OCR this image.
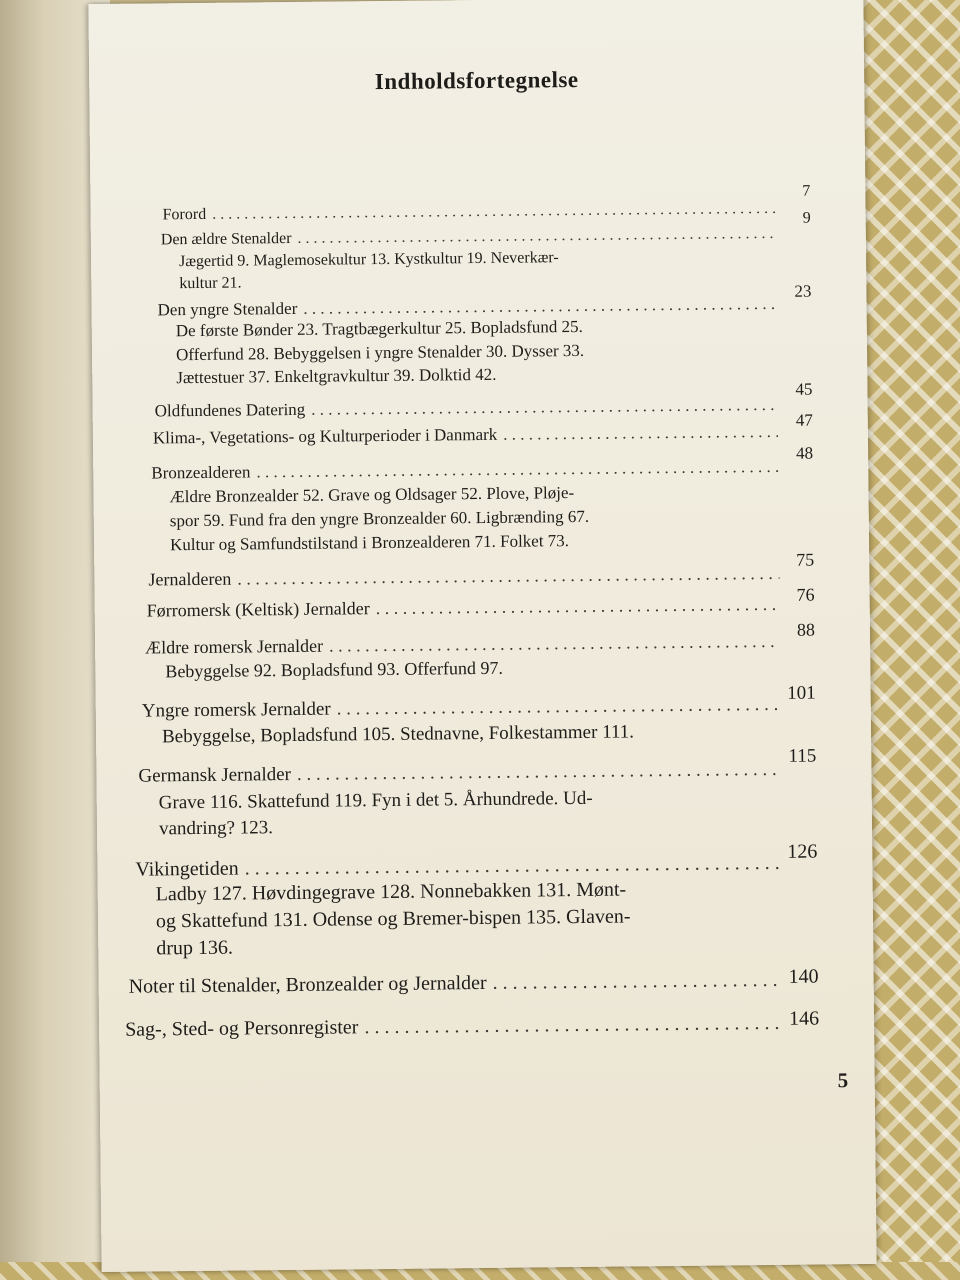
Indholdsfortegnelse
Forord
. . .
7
Den ældre Stenalder
. . .
9
Jægertid 9. Maglemosekultur 13. Kystkultur 19. Neverkær-
kultur 21.
Den yngre Stenalder
. . .
23
De første Bønder 23. Tragtbægerkultur 25. Bopladsfund 25.
Offerfund 28. Bebyggelsen i yngre Stenalder 30. Dysser 33.
Jættestuer 37. Enkeltgravkultur 39. Dolktid 42.
Oldfundenes Datering
. . .
45
Klima-, Vegetations- og Kulturperioder i Danmark
. . .
47
Bronzealderen
. . .
48
Ældre Bronzealder 52. Grave og Oldsager 52. Plove, Pløje-
spor 59. Fund fra den yngre Bronzealder 60. Ligbrænding 67.
Kultur og Samfundstilstand i Bronzealderen 71. Folket 73.
Jernalderen
. . .
75
Førromersk (Keltisk) Jernalder
. . .
76
Ældre romersk Jernalder
. . .
88
Bebyggelse 92. Bopladsfund 93. Offerfund 97.
Yngre romersk Jernalder
. . .
101
Bebyggelse, Bopladsfund 105. Stednavne, Folkestammer 111.
Germansk Jernalder
. . .
115
Grave 116. Skattefund 119. Fyn i det 5. Århundrede. Ud-
vandring? 123.
Vikingetiden
. . .
126
Ladby 127. Høvdingegrave 128. Nonnebakken 131. Mønt-
og Skattefund 131. Odense og Bremer-bispen 135. Glaven-
drup 136.
Noter til Stenalder, Bronzealder og Jernalder . . .	140
Sag-, Sted- og Personregister . . .	146
5
